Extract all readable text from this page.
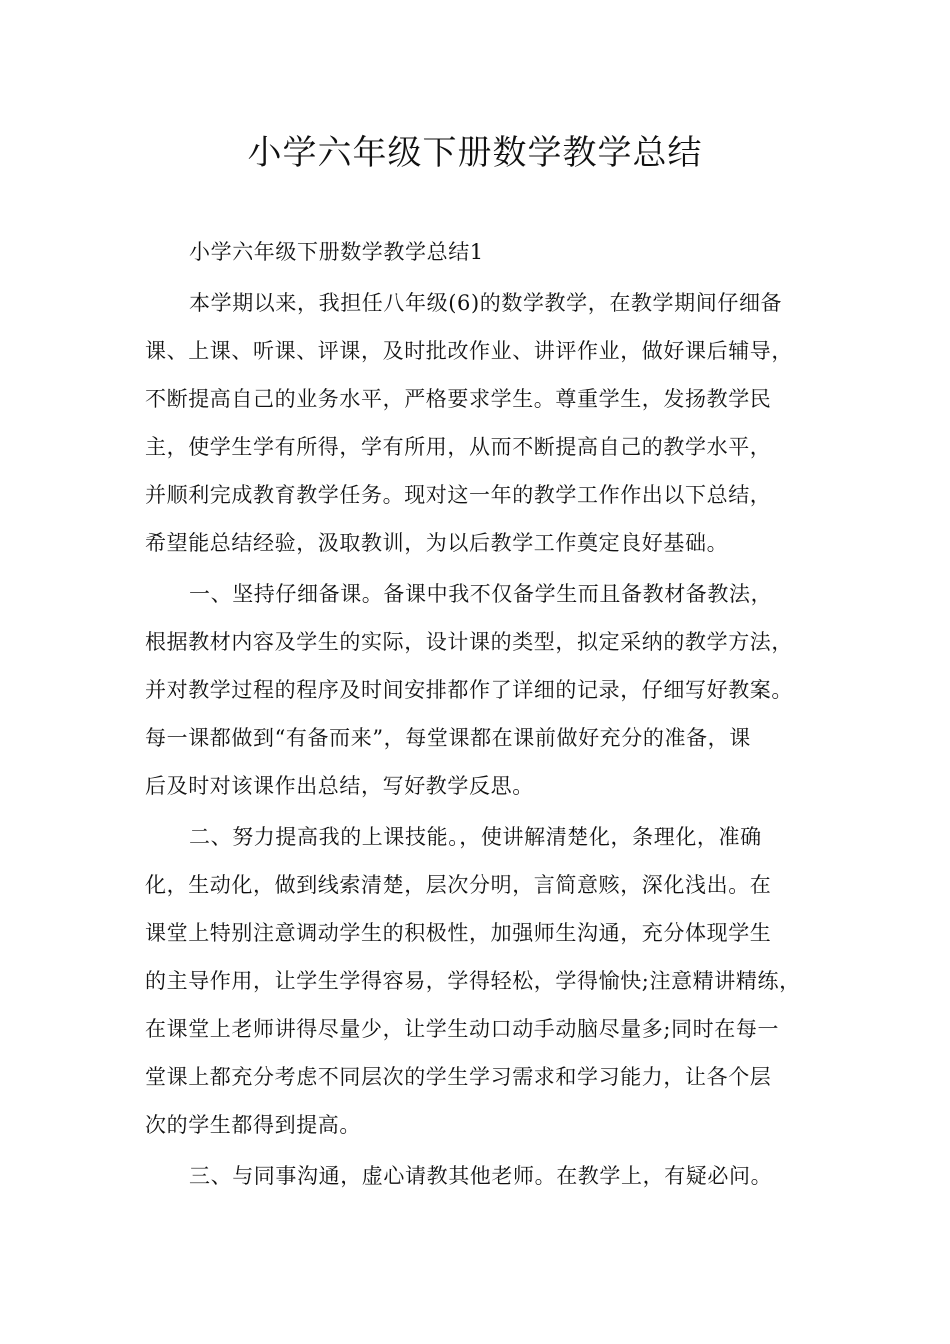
小学六年级下册数学教学总结
小学六年级下册数学教学总结1
本学期以来，我担任八年级(6)的数学教学，在教学期间仔细备
课、上课、听课、评课，及时批改作业、讲评作业，做好课后辅导，
不断提高自己的业务水平，严格要求学生。尊重学生，发扬教学民
主，使学生学有所得，学有所用，从而不断提高自己的教学水平，
并顺利完成教育教学任务。现对这一年的教学工作作出以下总结，
希望能总结经验，汲取教训，为以后教学工作奠定良好基础。
一、坚持仔细备课。备课中我不仅备学生而且备教材备教法，
根据教材内容及学生的实际，设计课的类型，拟定采纳的教学方法，
并对教学过程的程序及时间安排都作了详细的记录，仔细写好教案。
每一课都做到“有备而来”，每堂课都在课前做好充分的准备，课
后及时对该课作出总结，写好教学反思。
二、努力提高我的上课技能。，使讲解清楚化，条理化，准确
化，生动化，做到线索清楚，层次分明，言简意赅，深化浅出。在
课堂上特别注意调动学生的积极性，加强师生沟通，充分体现学生
的主导作用，让学生学得容易，学得轻松，学得愉快;注意精讲精练，
在课堂上老师讲得尽量少，让学生动口动手动脑尽量多;同时在每一
堂课上都充分考虑不同层次的学生学习需求和学习能力，让各个层
次的学生都得到提高。
三、与同事沟通，虚心请教其他老师。在教学上，有疑必问。
